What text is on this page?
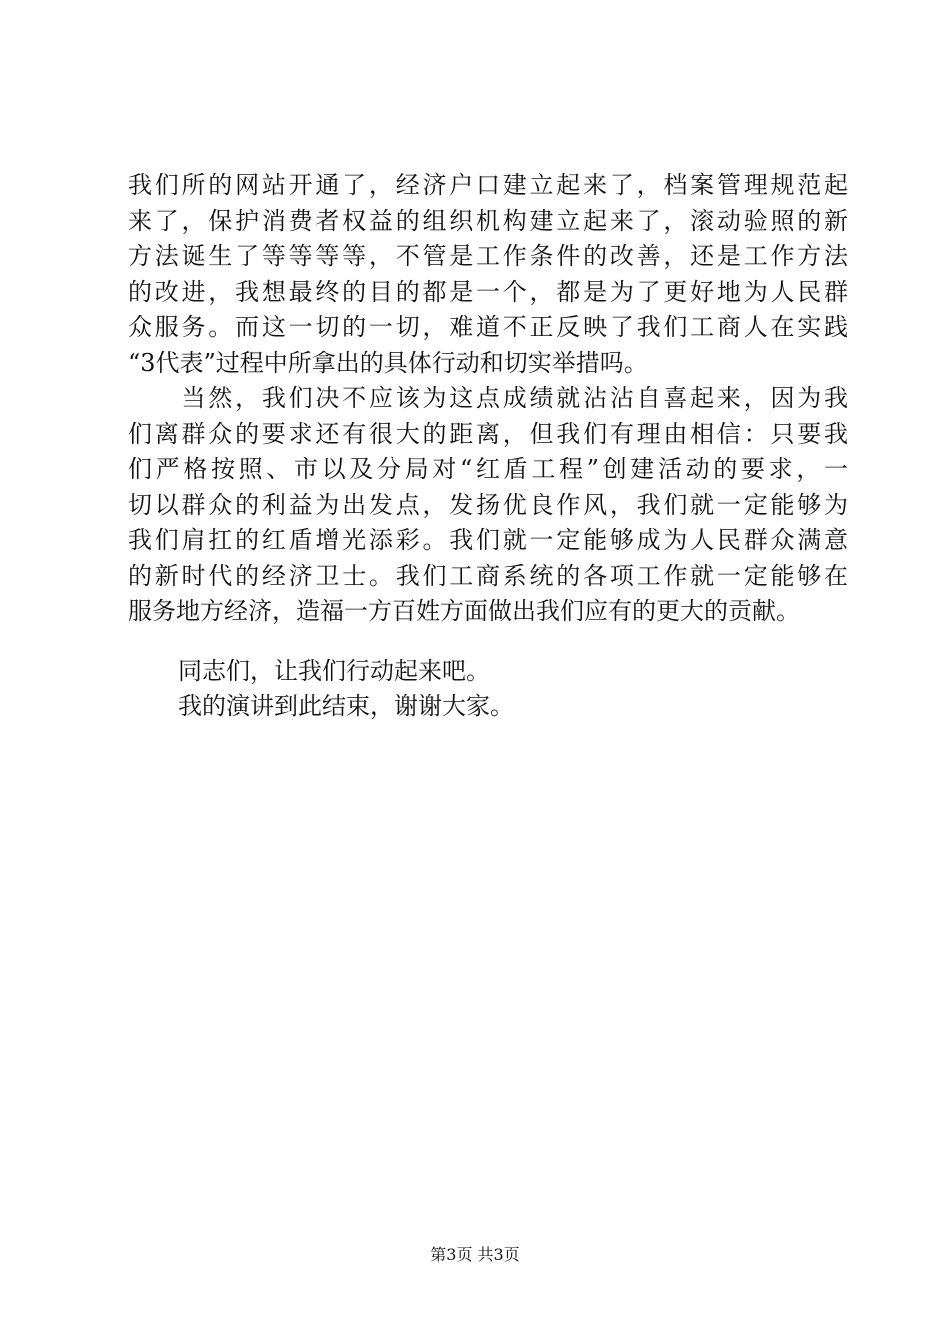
我们所的网站开通了，经济户口建立起来了，档案管理规范起
来了，保护消费者权益的组织机构建立起来了，滚动验照的新
方法诞生了等等等等，不管是工作条件的改善，还是工作方法
的改进，我想最终的目的都是一个，都是为了更好地为人民群
众服务。而这一切的一切，难道不正反映了我们工商人在实践
“3代表”过程中所拿出的具体行动和切实举措吗。
　　当然，我们决不应该为这点成绩就沾沾自喜起来，因为我
们离群众的要求还有很大的距离，但我们有理由相信：只要我
们严格按照、市以及分局对“红盾工程”创建活动的要求，一
切以群众的利益为出发点，发扬优良作风，我们就一定能够为
我们肩扛的红盾增光添彩。我们就一定能够成为人民群众满意
的新时代的经济卫士。我们工商系统的各项工作就一定能够在
服务地方经济，造福一方百姓方面做出我们应有的更大的贡献。
同志们，让我们行动起来吧。
我的演讲到此结束，谢谢大家。
第3页 共3页
